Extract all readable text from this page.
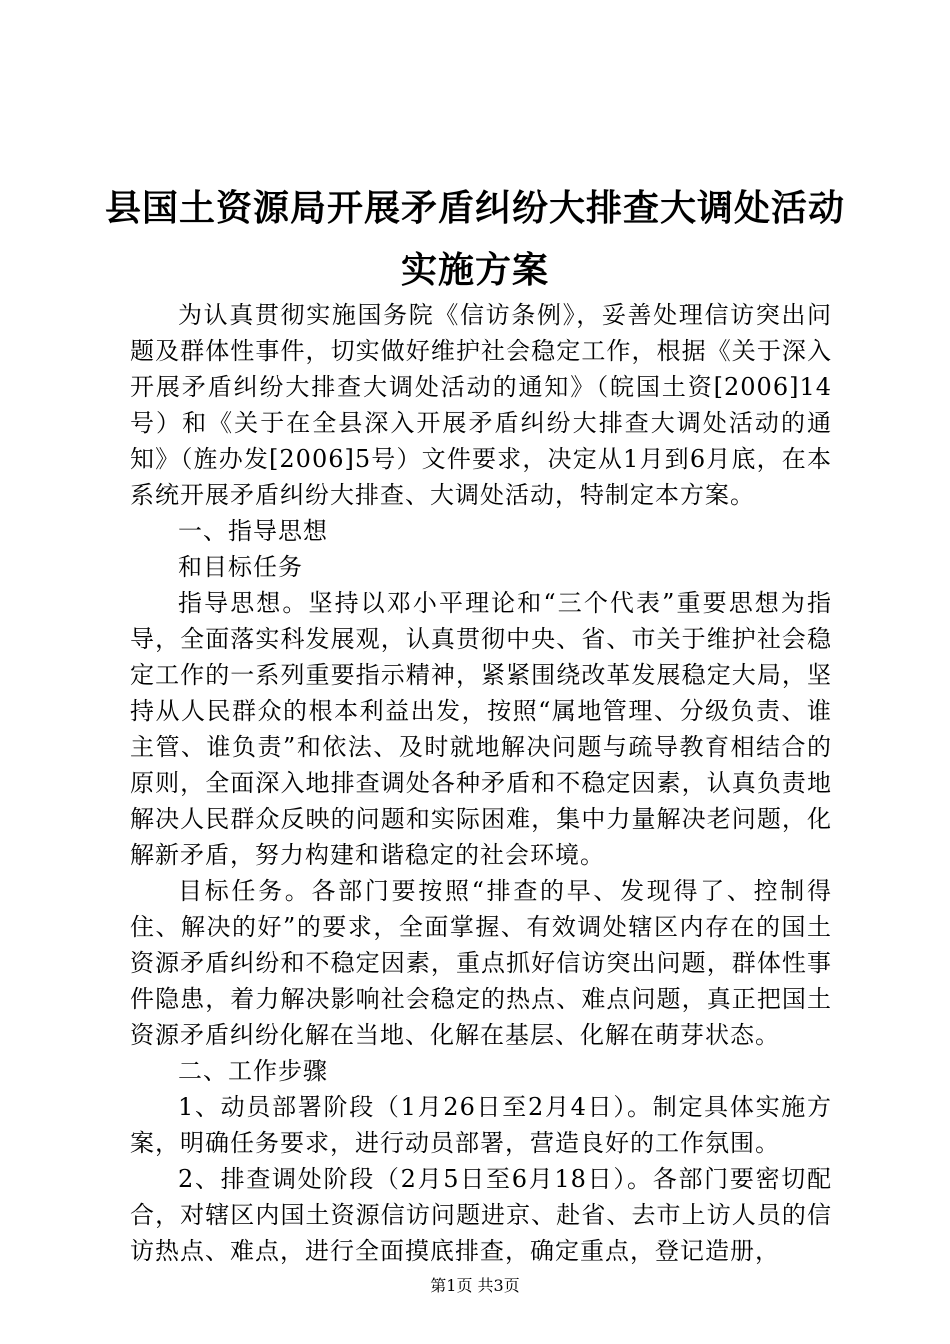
县国土资源局开展矛盾纠纷大排查大调处活动
实施方案

为认真贯彻实施国务院《信访条例》，妥善处理信访突出问题及群体性事件，切实做好维护社会稳定工作，根据《关于深入开展矛盾纠纷大排查大调处活动的通知》（皖国土资[2006]14号）和《关于在全县深入开展矛盾纠纷大排查大调处活动的通知》（旌办发[2006]5号）文件要求，决定从1月到6月底，在本系统开展矛盾纠纷大排查、大调处活动，特制定本方案。

一、指导思想

和目标任务

指导思想。坚持以邓小平理论和“三个代表”重要思想为指导，全面落实科发展观，认真贯彻中央、省、市关于维护社会稳定工作的一系列重要指示精神，紧紧围绕改革发展稳定大局，坚持从人民群众的根本利益出发，按照“属地管理、分级负责、谁主管、谁负责”和依法、及时就地解决问题与疏导教育相结合的原则，全面深入地排查调处各种矛盾和不稳定因素，认真负责地解决人民群众反映的问题和实际困难，集中力量解决老问题，化解新矛盾，努力构建和谐稳定的社会环境。

目标任务。各部门要按照“排查的早、发现得了、控制得住、解决的好”的要求，全面掌握、有效调处辖区内存在的国土资源矛盾纠纷和不稳定因素，重点抓好信访突出问题，群体性事件隐患，着力解决影响社会稳定的热点、难点问题，真正把国土资源矛盾纠纷化解在当地、化解在基层、化解在萌芽状态。

二、工作步骤

1、动员部署阶段（1月26日至2月4日）。制定具体实施方案，明确任务要求，进行动员部署，营造良好的工作氛围。

2、排查调处阶段（2月5日至6月18日）。各部门要密切配合，对辖区内国土资源信访问题进京、赴省、去市上访人员的信访热点、难点，进行全面摸底排查，确定重点，登记造册，

第1页 共3页
